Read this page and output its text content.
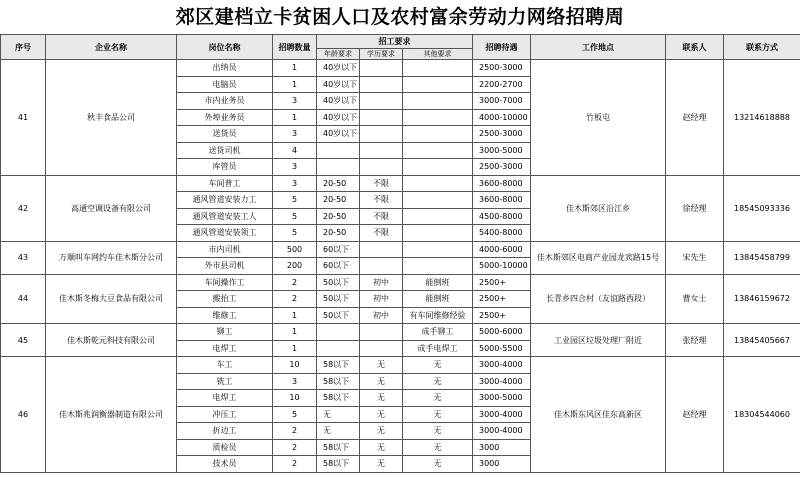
郊区建档立卡贫困人口及农村富余劳动力网络招聘周
序号	企业名称	岗位名称	招聘数量	招工要求			招聘待遇	工作地点	联系人	联系方式
				年龄要求	学历要求	其他要求				
41	秋丰食品公司	出纳员	1	40岁以下			2500-3000	竹板屯	赵经理	13214618888
		电脑员	1	40岁以下			2200-2700			
		市内业务员	3	40岁以下			3000-7000			
		外埠业务员	1	40岁以下			4000-10000			
		送货员	3	40岁以下			2500-3000			
		送货司机	4				3000-5000			
		库管员	3				2500-3000			
42	高通空调设备有限公司	车间普工	3	20-50	不限		3600-8000	佳木斯郊区沿江乡	徐经理	18545093336
		通风管道安装力工	5	20-50	不限		3600-8000			
		通风管道安装工人	5	20-50	不限		4500-8000			
		通风管道安装领工	5	20-50	不限		5400-8000			
43	万顺叫车网约车佳木斯分公司	市内司机	500	60以下			4000-6000	佳木斯郊区电商产业园龙宾路15号	宋先生	13845458799
		外市县司机	200	60以下			5000-10000			
44	佳木斯冬梅大豆食品有限公司	车间操作工	2	50以下	初中	能倒班	2500+	长青乡四合村（友谊路西段）	曹女士	13846159672
		搬抬工	2	50以下	初中	能倒班	2500+			
		维修工	1	50以下	初中	有车间维修经验	2500+			
45	佳木斯乾元科技有限公司	铆工	1			成手铆工	5000-6000	工业园区垃圾处理厂附近	张经理	13845405667
		电焊工	1			成手电焊工	5000-5500			
46	佳木斯兆润衡器制造有限公司	车工	10	58以下	无	无	3000-4000	佳木斯东风区佳东高新区	赵经理	18304544060
		铣工	3	58以下	无	无	3000-4000			
		电焊工	10	58以下	无	无	3000-5000			
		冲压工	5	无	无	无	3000-4000			
		折边工	2	无	无	无	3000-4000			
		质检员	2	58以下	无	无	3000			
		技术员	2	58以下	无	无	3000			
